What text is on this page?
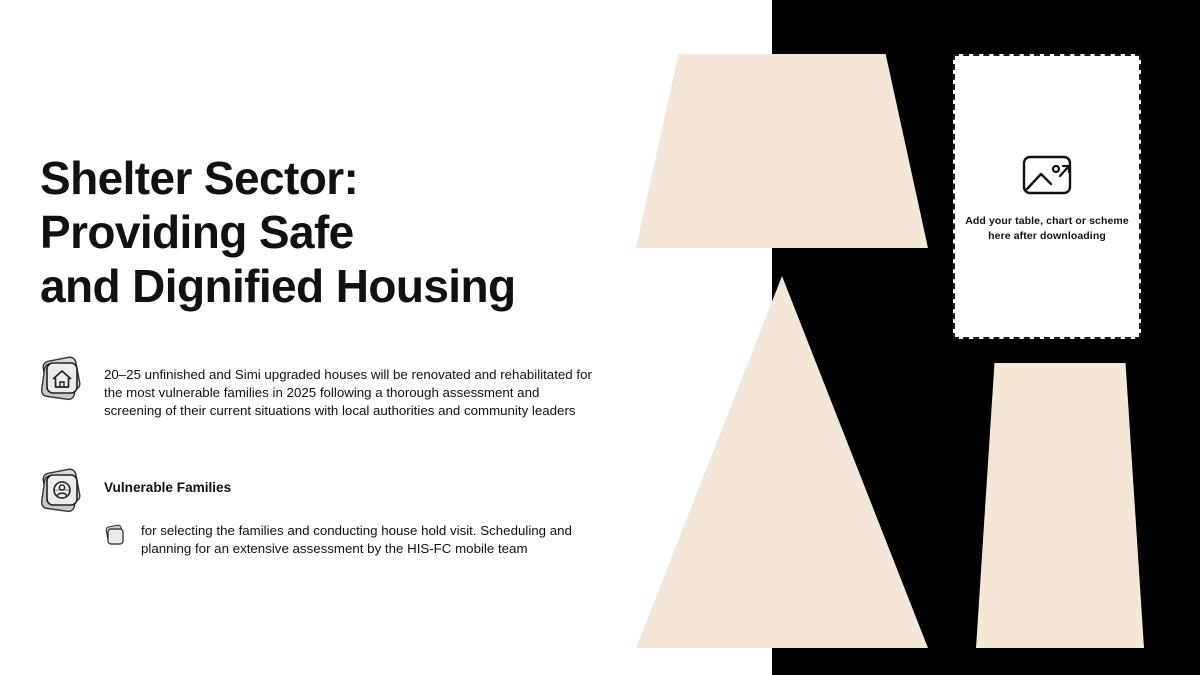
Add your table, chart or scheme here after downloading
Shelter Sector:
Providing Safe
and Dignified Housing
20–25 unfinished and Simi upgraded houses will be renovated and rehabilitated for the most vulnerable families in 2025 following a thorough assessment and screening of their current situations with local authorities and community leaders
Vulnerable Families
for selecting the families and conducting house hold visit. Scheduling and planning for an extensive assessment by the HIS-FC mobile team
